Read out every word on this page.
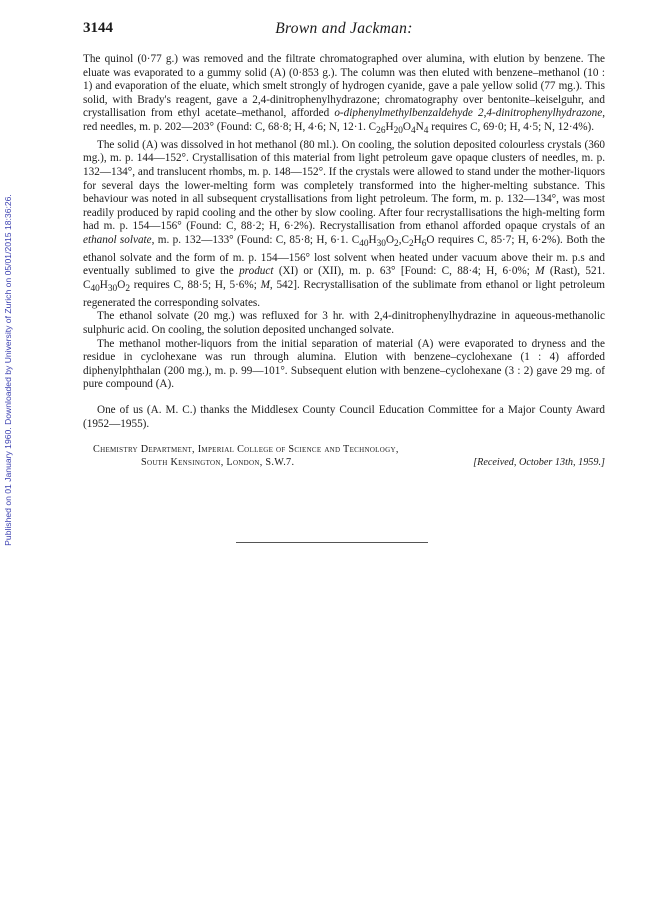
Published on 01 January 1960. Downloaded by University of Zurich on 05/01/2015 18:36:26.
3144	Brown and Jackman:

The quinol (0·77 g.) was removed and the filtrate chromatographed over alumina, with elution by benzene. The eluate was evaporated to a gummy solid (A) (0·853 g.). The column was then eluted with benzene–methanol (10 : 1) and evaporation of the eluate, which smelt strongly of hydrogen cyanide, gave a pale yellow solid (77 mg.). This solid, with Brady's reagent, gave a 2,4-dinitrophenylhydrazone; chromatography over bentonite–keiselguhr, and crystallisation from ethyl acetate–methanol, afforded o-diphenylmethylbenzaldehyde 2,4-dinitrophenylhydrazone, red needles, m. p. 202—203° (Found: C, 68·8; H, 4·6; N, 12·1. $C_{26}H_{20}O_4N_4$ requires C, 69·0; H, 4·5; N, 12·4%).

The solid (A) was dissolved in hot methanol (80 ml.). On cooling, the solution deposited colourless crystals (360 mg.), m. p. 144—152°. Crystallisation of this material from light petroleum gave opaque clusters of needles, m. p. 132—134°, and translucent rhombs, m. p. 148—152°. If the crystals were allowed to stand under the mother-liquors for several days the lower-melting form was completely transformed into the higher-melting substance. This behaviour was noted in all subsequent crystallisations from light petroleum. The form, m. p. 132—134°, was most readily produced by rapid cooling and the other by slow cooling. After four recrystallisations the high-melting form had m. p. 154—156° (Found: C, 88·2; H, 6·2%). Recrystallisation from ethanol afforded opaque crystals of an ethanol solvate, m. p. 132—133° (Found: C, 85·8; H, 6·1. $C_{40}H_{30}O_2,C_2H_6O$ requires C, 85·7; H, 6·2%). Both the ethanol solvate and the form of m. p. 154—156° lost solvent when heated under vacuum above their m. p.s and eventually sublimed to give the product (XI) or (XII), m. p. 63° [Found: C, 88·4; H, 6·0%; M (Rast), 521. $C_{40}H_{30}O_2$ requires C, 88·5; H, 5·6%; M, 542]. Recrystallisation of the sublimate from ethanol or light petroleum regenerated the corresponding solvates.

The ethanol solvate (20 mg.) was refluxed for 3 hr. with 2,4-dinitrophenylhydrazine in aqueous-methanolic sulphuric acid. On cooling, the solution deposited unchanged solvate.

The methanol mother-liquors from the initial separation of material (A) were evaporated to dryness and the residue in cyclohexane was run through alumina. Elution with benzene–cyclohexane (1 : 4) afforded diphenylphthalan (200 mg.), m. p. 99—101°. Subsequent elution with benzene–cyclohexane (3 : 2) gave 29 mg. of pure compound (A).

One of us (A. M. C.) thanks the Middlesex County Council Education Committee for a Major County Award (1952—1955).

Chemistry Department, Imperial College of Science and Technology,
South Kensington, London, S.W.7.	[Received, October 13th, 1959.]
